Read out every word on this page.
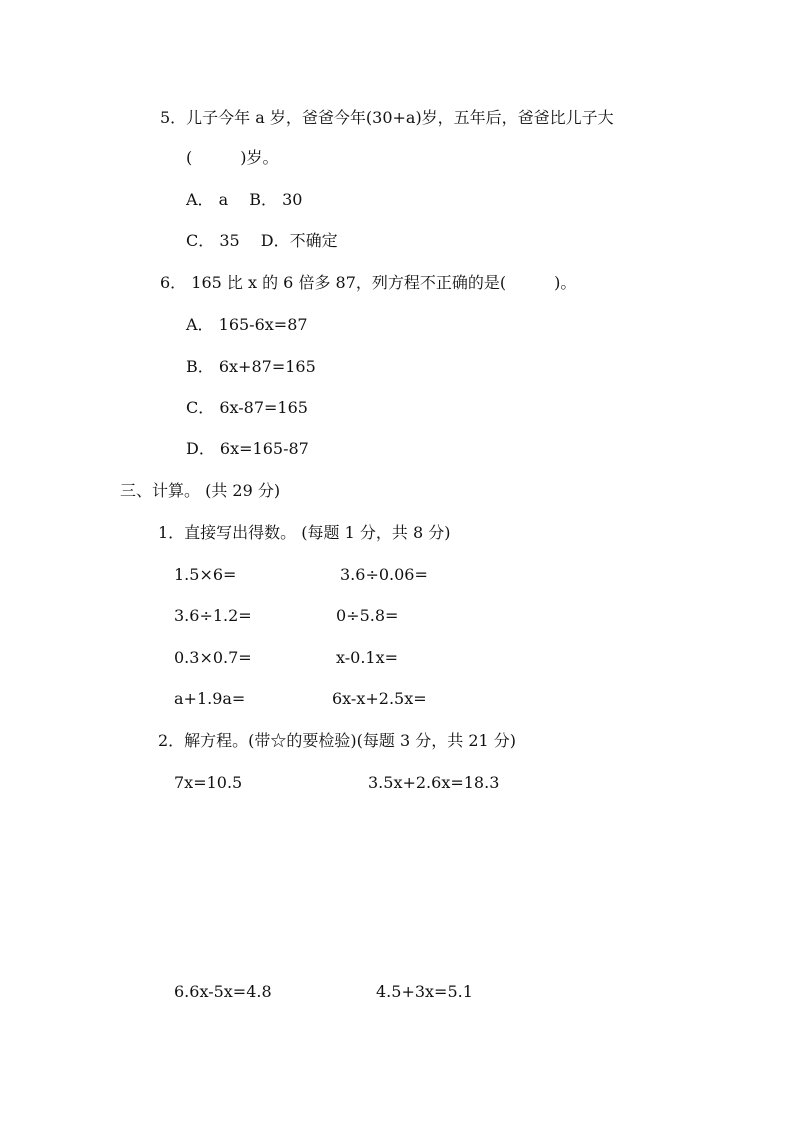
5．儿子今年 a 岁，爸爸今年(30+a)岁，五年后，爸爸比儿子大
(　　　)岁。
A． a　 B． 30
C． 35　 D．不确定
6． 165 比 x 的 6 倍多 87，列方程不正确的是(　　　)。
A． 165-6x=87
B． 6x+87=165
C． 6x-87=165
D． 6x=165-87
三、计算。 (共 29 分)
1．直接写出得数。 (每题 1 分，共 8 分)
1.5×6=	3.6÷0.06=
3.6÷1.2=	0÷5.8=
0.3×0.7=	x-0.1x=
a+1.9a=	6x-x+2.5x=
2．解方程。(带☆的要检验)(每题 3 分，共 21 分)
7x=10.5	3.5x+2.6x=18.3
6.6x-5x=4.8	4.5+3x=5.1
